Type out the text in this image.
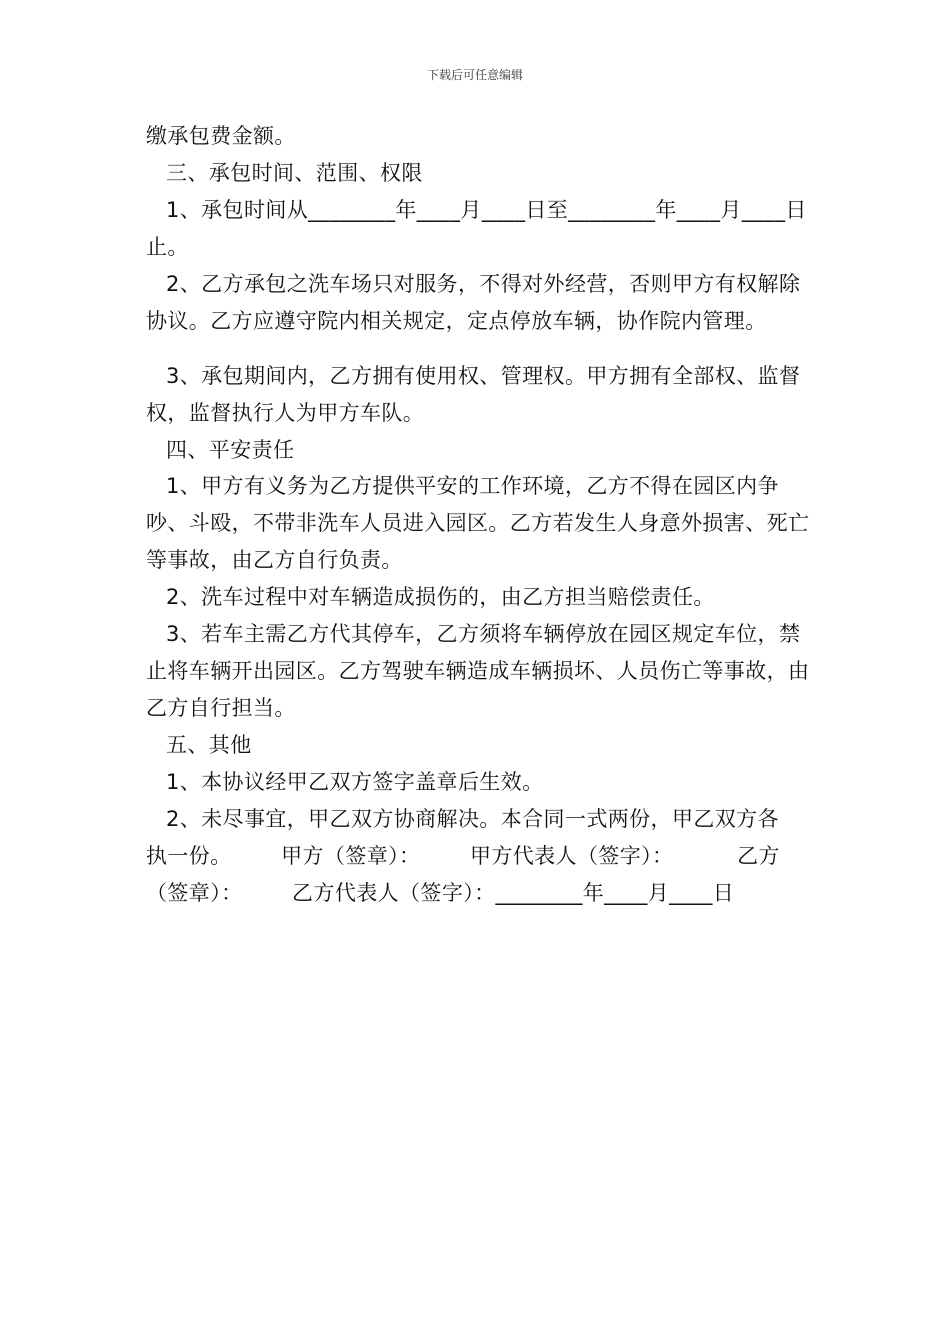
下载后可任意编辑

缴承包费金额。

三、承包时间、范围、权限

1、承包时间从________年____月____日至________年____月____日止。

2、乙方承包之洗车场只对服务，不得对外经营，否则甲方有权解除协议。乙方应遵守院内相关规定，定点停放车辆，协作院内管理。

3、承包期间内，乙方拥有使用权、管理权。甲方拥有全部权、监督权，监督执行人为甲方车队。

四、平安责任

1、甲方有义务为乙方提供平安的工作环境，乙方不得在园区内争吵、斗殴，不带非洗车人员进入园区。乙方若发生人身意外损害、死亡等事故，由乙方自行负责。

2、洗车过程中对车辆造成损伤的，由乙方担当赔偿责任。

3、若车主需乙方代其停车，乙方须将车辆停放在园区规定车位，禁止将车辆开出园区。乙方驾驶车辆造成车辆损坏、人员伤亡等事故，由乙方自行担当。

五、其他

1、本协议经甲乙双方签字盖章后生效。

2、未尽事宜，甲乙双方协商解决。本合同一式两份，甲乙双方各
执一份。       甲方（签章）：       甲方代表人（签字）：         乙方
（签章）：       乙方代表人（签字）：________年____月____日
